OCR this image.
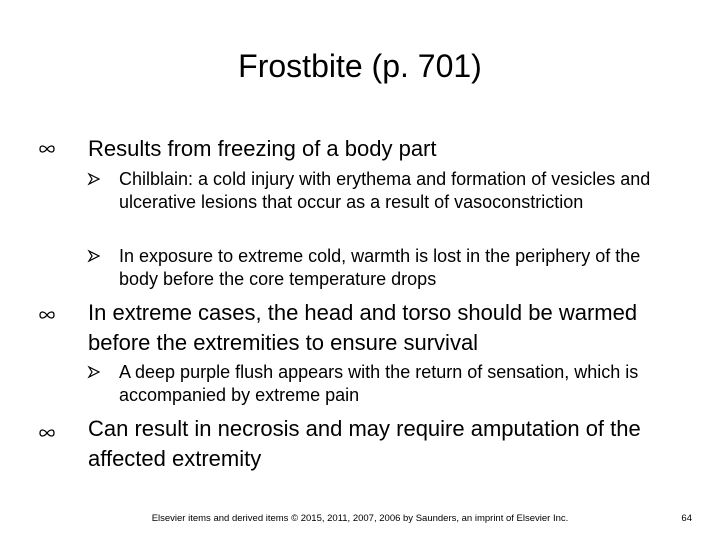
Frostbite (p. 701)
Results from freezing of a body part
Chilblain: a cold injury with erythema and formation of vesicles and ulcerative lesions that occur as a result of vasoconstriction
In exposure to extreme cold, warmth is lost in the periphery of the body before the core temperature drops
In extreme cases, the head and torso should be warmed before the extremities to ensure survival
A deep purple flush appears with the return of sensation, which is accompanied by extreme pain
Can result in necrosis and may require amputation of the affected extremity
Elsevier items and derived items © 2015, 2011, 2007, 2006 by Saunders, an imprint of Elsevier Inc.	64
